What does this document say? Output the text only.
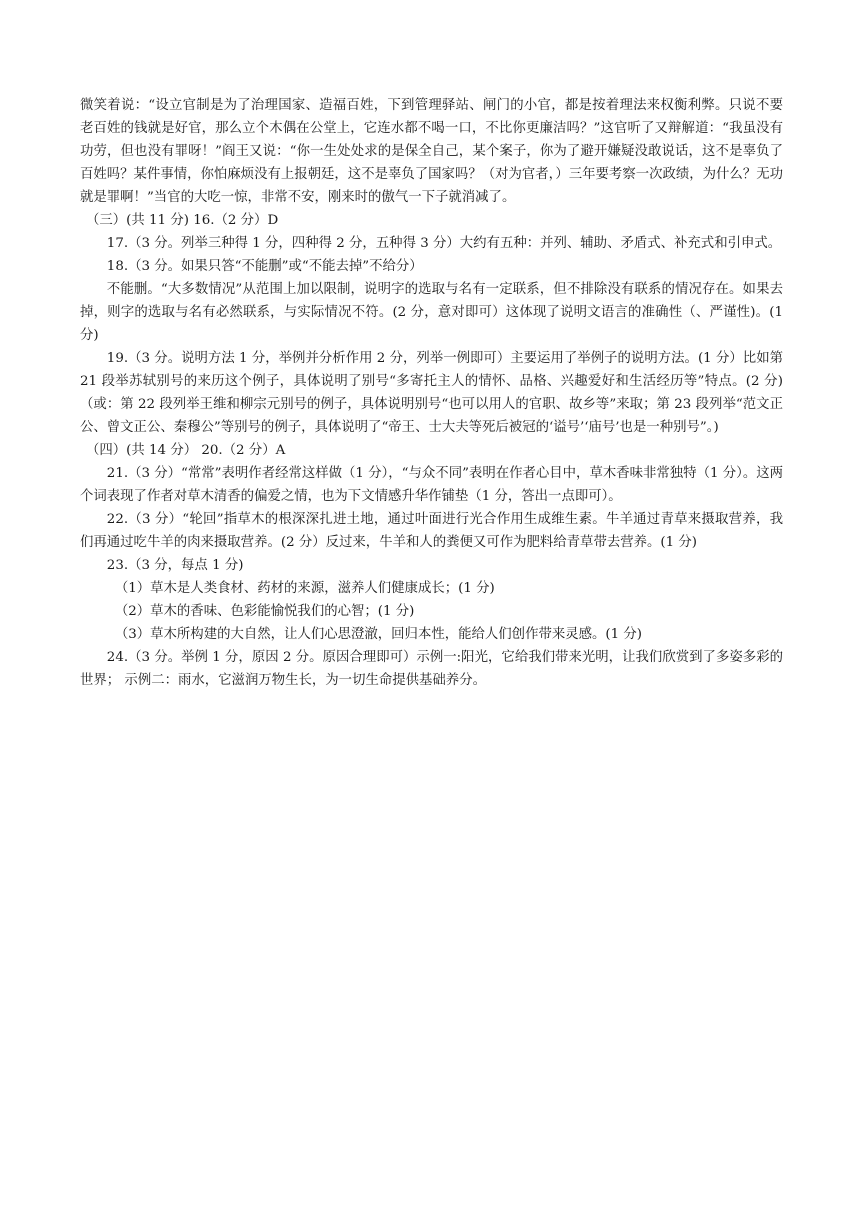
微笑着说：“设立官制是为了治理国家、造福百姓，下到管理驿站、闸门的小官，都是按着理法来权衡利弊。只说不要老百姓的钱就是好官，那么立个木偶在公堂上，它连水都不喝一口，不比你更廉洁吗？”这官听了又辩解道：“我虽没有功劳，但也没有罪呀！”阎王又说：“你一生处处求的是保全自己，某个案子，你为了避开嫌疑没敢说话，这不是辜负了百姓吗？某件事情，你怕麻烦没有上报朝廷，这不是辜负了国家吗？（对为官者，）三年要考察一次政绩，为什么？无功就是罪啊！”当官的大吃一惊，非常不安，刚来时的傲气一下子就消减了。

（三）(共 11 分) 16.（2 分）D

17.（3 分。列举三种得 1 分，四种得 2 分，五种得 3 分）大约有五种：并列、辅助、矛盾式、补充式和引申式。

18.（3 分。如果只答“不能删”或“不能去掉”不给分）

不能删。“大多数情况”从范围上加以限制，说明字的选取与名有一定联系，但不排除没有联系的情况存在。如果去掉，则字的选取与名有必然联系，与实际情况不符。(2 分，意对即可）这体现了说明文语言的准确性（、严谨性)。(1 分)

19.（3 分。说明方法 1 分，举例并分析作用 2 分，列举一例即可）主要运用了举例子的说明方法。(1 分）比如第 21 段举苏轼别号的来历这个例子，具体说明了别号“多寄托主人的情怀、品格、兴趣爱好和生活经历等”特点。(2 分)（或：第 22 段列举王维和柳宗元别号的例子，具体说明别号“也可以用人的官职、故乡等”来取；第 23 段列举“范文正公、曾文正公、秦穆公”等别号的例子，具体说明了“帝王、士大夫等死后被冠的‘谥号’‘庙号’也是一种别号”。)

（四）(共 14 分） 20.（2 分）A

21.（3 分）“常常”表明作者经常这样做（1 分），“与众不同”表明在作者心目中，草木香味非常独特（1 分）。这两个词表现了作者对草木清香的偏爱之情，也为下文情感升华作铺垫（1 分，答出一点即可）。

22.（3 分）“轮回”指草木的根深深扎进土地，通过叶面进行光合作用生成维生素。牛羊通过青草来摄取营养，我们再通过吃牛羊的肉来摄取营养。(2 分）反过来，牛羊和人的粪便又可作为肥料给青草带去营养。(1 分)

23.（3 分，每点 1 分)

（1）草木是人类食材、药材的来源，滋养人们健康成长；(1 分)

（2）草木的香味、色彩能愉悦我们的心智；(1 分)

（3）草木所构建的大自然，让人们心思澄澈，回归本性，能给人们创作带来灵感。(1 分)

24.（3 分。举例 1 分，原因 2 分。原因合理即可）示例一:阳光，它给我们带来光明，让我们欣赏到了多姿多彩的世界； 示例二：雨水，它滋润万物生长，为一切生命提供基础养分。
